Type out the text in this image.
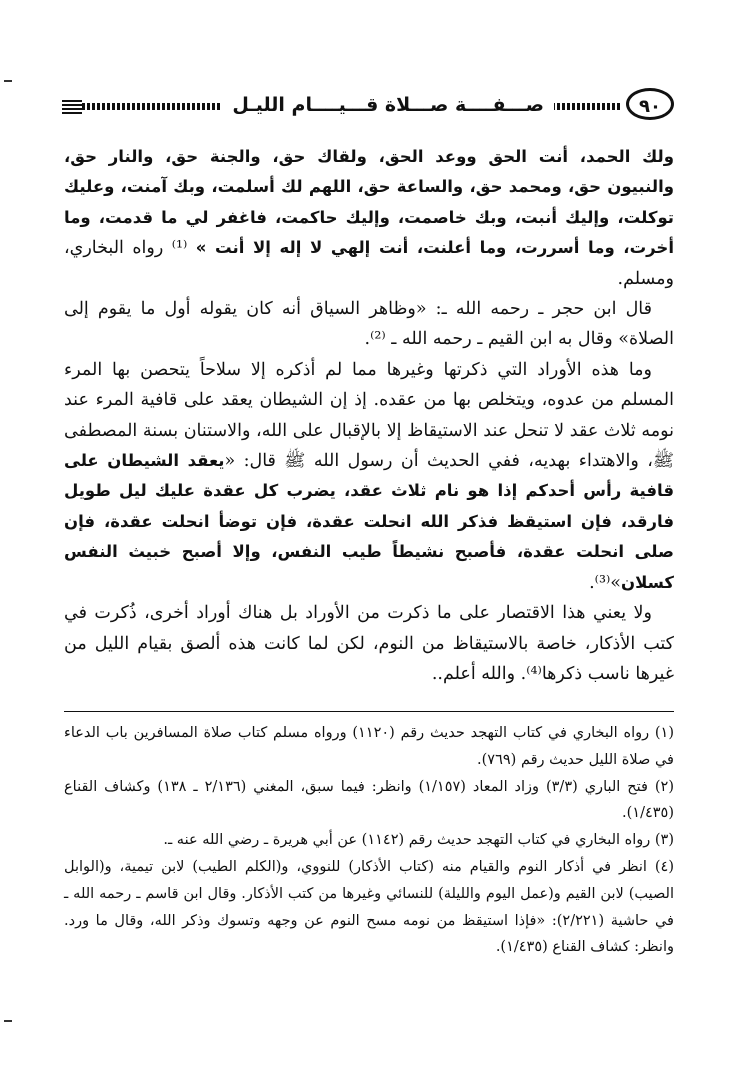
صـــفــــة صـــلاة قـــيــــام الليـل	٩٠

ولك الحمد، أنت الحق ووعد الحق، ولقاك حق، والجنة حق، والنار حق، والنبيون حق، ومحمد حق، والساعة حق، اللهم لك أسلمت، وبك آمنت، وعليك توكلت، وإليك أنبت، وبك خاصمت، وإليك حاكمت، فاغفر لي ما قدمت، وما أخرت، وما أسررت، وما أعلنت، أنت إلهي لا إله إلا أنت » ⁽¹⁾ رواه البخاري، ومسلم.

قال ابن حجر ـ رحمه الله ـ: «وظاهر السياق أنه كان يقوله أول ما يقوم إلى الصلاة» وقال به ابن القيم ـ رحمه الله ـ ⁽²⁾.

وما هذه الأوراد التي ذكرتها وغيرها مما لم أذكره إلا سلاحاً يتحصن بها المرء المسلم من عدوه، ويتخلص بها من عقده. إذ إن الشيطان يعقد على قافية المرء عند نومه ثلاث عقد لا تنحل عند الاستيقاظ إلا بالإقبال على الله، والاستنان بسنة المصطفى ﷺ، والاهتداء بهديه، ففي الحديث أن رسول الله ﷺ قال: «يعقد الشيطان على قافية رأس أحدكم إذا هو نام ثلاث عقد، يضرب كل عقدة عليك ليل طويل فارقد، فإن استيقظ فذكر الله انحلت عقدة، فإن توضأ انحلت عقدة، فإن صلى انحلت عقدة، فأصبح نشيطاً طيب النفس، وإلا أصبح خبيث النفس كسلان»⁽³⁾.

ولا يعني هذا الاقتصار على ما ذكرت من الأوراد بل هناك أوراد أخرى، ذُكرت في كتب الأذكار، خاصة بالاستيقاظ من النوم، لكن لما كانت هذه ألصق بقيام الليل من غيرها ناسب ذكرها⁽⁴⁾. والله أعلم..

(١) رواه البخاري في كتاب التهجد حديث رقم (١١٢٠) ورواه مسلم كتاب صلاة المسافرين باب الدعاء في صلاة الليل حديث رقم (٧٦٩).

(٢) فتح الباري (٣/٣) وزاد المعاد (١/١٥٧) وانظر: فيما سبق، المغني (٢/١٣٦ ـ ١٣٨) وكشاف القناع (١/٤٣٥).

(٣) رواه البخاري في كتاب التهجد حديث رقم (١١٤٢) عن أبي هريرة ـ رضي الله عنه ـ.

(٤) انظر في أذكار النوم والقيام منه (كتاب الأذكار) للنووي، و(الكلم الطيب) لابن تيمية، و(الوابل الصيب) لابن القيم و(عمل اليوم والليلة) للنسائي وغيرها من كتب الأذكار. وقال ابن قاسم ـ رحمه الله ـ في حاشية (٢/٢٢١): «فإذا استيقظ من نومه مسح النوم عن وجهه وتسوك وذكر الله، وقال ما ورد. وانظر: كشاف القناع (١/٤٣٥).
